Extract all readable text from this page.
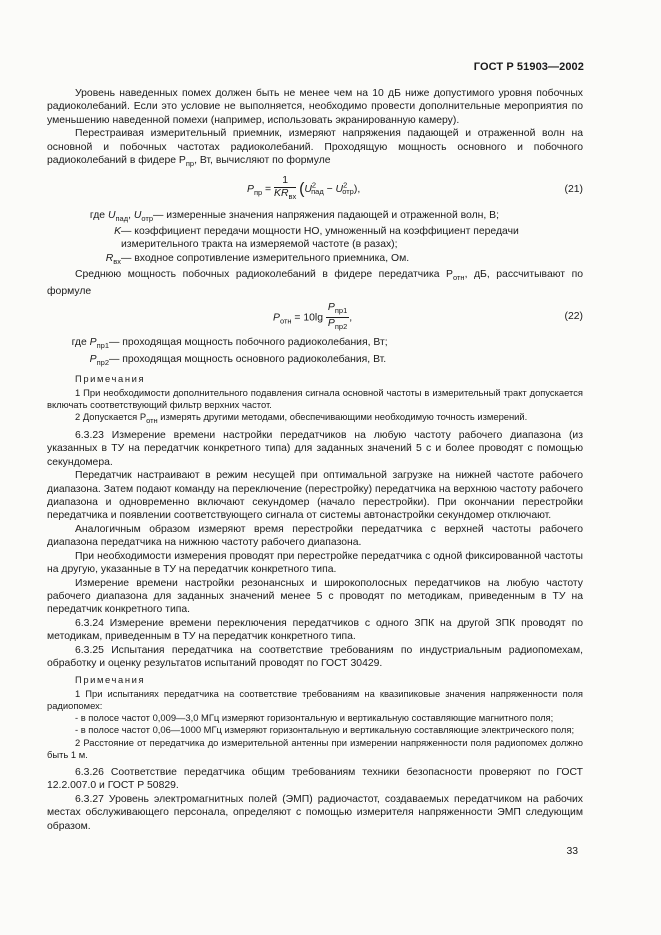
ГОСТ Р 51903—2002

Уровень наведенных помех должен быть не менее чем на 10 дБ ниже допустимого уровня побочных радиоколебаний. Если это условие не выполняется, необходимо провести дополнительные мероприятия по уменьшению наведенной помехи (например, использовать экранированную камеру).

Перестраивая измерительный приемник, измеряют напряжения падающей и отраженной волн на основной и побочных частотах радиоколебаний. Проходящую мощность основного и побочного радиоколебаний в фидере $Р_{пр}$, Вт, вычисляют по формуле

$P_{пр} = \frac{1}{KR_{вх}} (U^2_{пад} - U^2_{отр})$,	(21)
где $U_{пад}$, $U_{отр}$ — измеренные значения напряжения падающей и отраженной волн, В;
K — коэффициент передачи мощности НО, умноженный на коэффициент передачи измерительного тракта на измеряемой частоте (в разах);
$R_{вх}$ — входное сопротивление измерительного приемника, Ом.

Среднюю мощность побочных радиоколебаний в фидере передатчика $P_{отн}$, дБ, рассчитывают по формуле

$P_{отн} = 10\lg \frac{P_{пр1}}{P_{пр2}}$ ,	(22)
где $P_{пр1}$ — проходящая мощность побочного радиоколебания, Вт;
$P_{пр2}$ — проходящая мощность основного радиоколебания, Вт.
Примечания

1 При необходимости дополнительного подавления сигнала основной частоты в измерительный тракт допускается включать соответствующий фильтр верхних частот.

2 Допускается $P_{отн}$ измерять другими методами, обеспечивающими необходимую точность измерений.

6.3.23 Измерение времени настройки передатчиков на любую частоту рабочего диапазона (из указанных в ТУ на передатчик конкретного типа) для заданных значений 5 с и более проводят с помощью секундомера.

Передатчик настраивают в режим несущей при оптимальной загрузке на нижней частоте рабочего диапазона. Затем подают команду на переключение (перестройку) передатчика на верхнюю частоту рабочего диапазона и одновременно включают секундомер (начало перестройки). При окончании перестройки передатчика и появлении соответствующего сигнала от системы автонастройки секундомер отключают.

Аналогичным образом измеряют время перестройки передатчика с верхней частоты рабочего диапазона передатчика на нижнюю частоту рабочего диапазона.

При необходимости измерения проводят при перестройке передатчика с одной фиксированной частоты на другую, указанные в ТУ на передатчик конкретного типа.

Измерение времени настройки резонансных и широкополосных передатчиков на любую частоту рабочего диапазона для заданных значений менее 5 с проводят по методикам, приведенным в ТУ на передатчик конкретного типа.

6.3.24 Измерение времени переключения передатчиков с одного ЗПК на другой ЗПК проводят по методикам, приведенным в ТУ на передатчик конкретного типа.

6.3.25 Испытания передатчика на соответствие требованиям по индустриальным радиопомехам, обработку и оценку результатов испытаний проводят по ГОСТ 30429.

Примечания

1 При испытаниях передатчика на соответствие требованиям на квазипиковые значения напряженности поля радиопомех:

- в полосе частот 0,009—3,0 МГц измеряют горизонтальную и вертикальную составляющие магнитного поля;

- в полосе частот 0,06—1000 МГц измеряют горизонтальную и вертикальную составляющие электрического поля;

2 Расстояние от передатчика до измерительной антенны при измерении напряженности поля радиопомех должно быть 1 м.

6.3.26 Соответствие передатчика общим требованиям техники безопасности проверяют по ГОСТ 12.2.007.0 и ГОСТ Р 50829.

6.3.27 Уровень электромагнитных полей (ЭМП) радиочастот, создаваемых передатчиком на рабочих местах обслуживающего персонала, определяют с помощью измерителя напряженности ЭМП следующим образом.

33
